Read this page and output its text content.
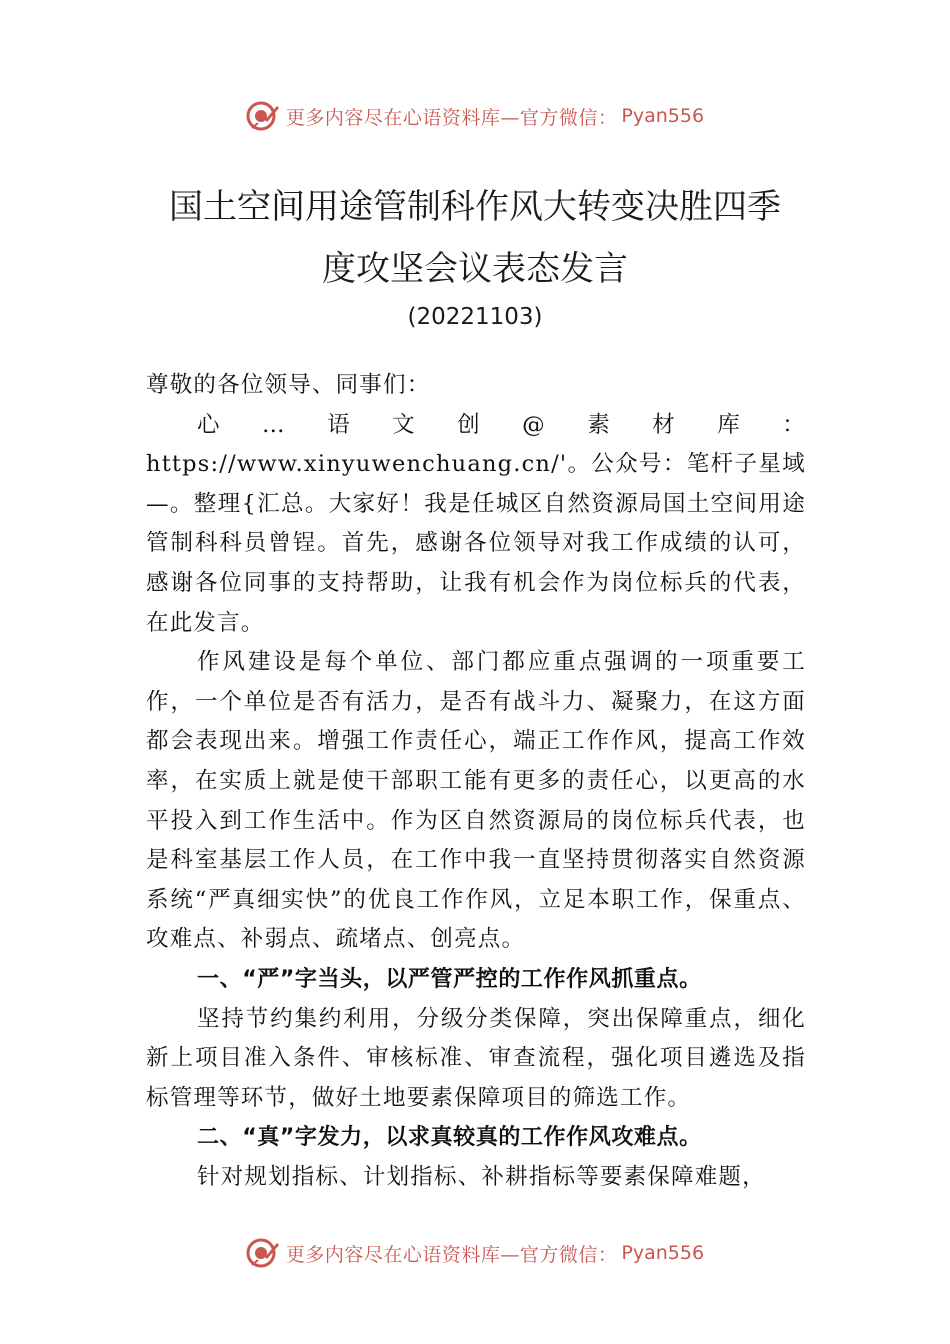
更多内容尽在心语资料库—官方微信： Pyan556
国土空间用途管制科作风大转变决胜四季
度攻坚会议表态发言
(20221103)

尊敬的各位领导、同事们：

心…语文创@素材库：https://www.xinyuwenchuang.cn/'。公众号：笔杆子星域—。整理{汇总。大家好！我是任城区自然资源局国土空间用途管制科科员曾锃。首先，感谢各位领导对我工作成绩的认可，感谢各位同事的支持帮助，让我有机会作为岗位标兵的代表，在此发言。

作风建设是每个单位、部门都应重点强调的一项重要工作，一个单位是否有活力，是否有战斗力、凝聚力，在这方面都会表现出来。增强工作责任心，端正工作作风，提高工作效率，在实质上就是使干部职工能有更多的责任心，以更高的水平投入到工作生活中。作为区自然资源局的岗位标兵代表，也是科室基层工作人员，在工作中我一直坚持贯彻落实自然资源系统“严真细实快”的优良工作作风，立足本职工作，保重点、攻难点、补弱点、疏堵点、创亮点。

一、“严”字当头，以严管严控的工作作风抓重点。

坚持节约集约利用，分级分类保障，突出保障重点，细化新上项目准入条件、审核标准、审查流程，强化项目遴选及指标管理等环节，做好土地要素保障项目的筛选工作。

二、“真”字发力，以求真较真的工作作风攻难点。

针对规划指标、计划指标、补耕指标等要素保障难题，

更多内容尽在心语资料库—官方微信： Pyan556
